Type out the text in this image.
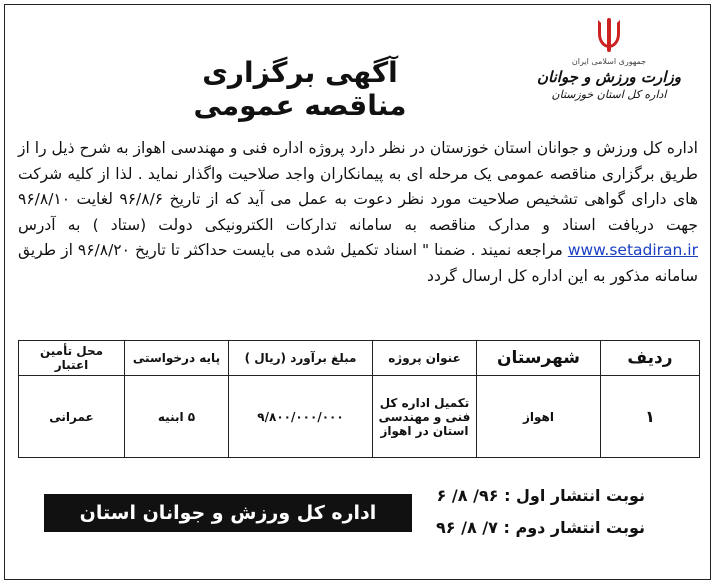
جمهوری اسلامی ایران
وزارت ورزش و جوانان
اداره کل استان خوزستان
آگهی برگزاری مناقصه عمومی

اداره کل ورزش و جوانان استان خوزستان در نظر دارد پروژه اداره فنی و مهندسی اهواز به شرح ذیل را از طریق برگزاری مناقصه عمومی یک مرحله ای به پیمانکاران واجد صلاحیت واگذار نماید . لذا از کلیه شرکت های دارای گواهی تشخیص صلاحیت مورد نظر دعوت به عمل می آید که از تاریخ ۹۶/۸/۶ لغایت ۹۶/۸/۱۰ جهت دریافت اسناد و مدارک مناقصه به سامانه تدارکات الکترونیکی دولت (ستاد ) به آدرس www.setadiran.ir مراجعه نمیند . ضمنا " اسناد تکمیل شده می بایست حداکثر تا تاریخ ۹۶/۸/۲۰ از طریق سامانه مذکور به این اداره کل ارسال گردد

ردیف	شهرستان	عنوان پروژه	مبلغ برآورد (ریال )	پایه درخواستی	محل تأمین اعتبار
۱	اهواز	تکمیل اداره کل فنی و مهندسی استان در اهواز	۹/۸۰۰/۰۰۰/۰۰۰	۵ ابنیه	عمرانی
نوبت انتشار اول : ۹۶/ ۸/ ۶
نوبت انتشار دوم : ۷/ ۸/ ۹۶
اداره کل ورزش و جوانان استان خوزستان
